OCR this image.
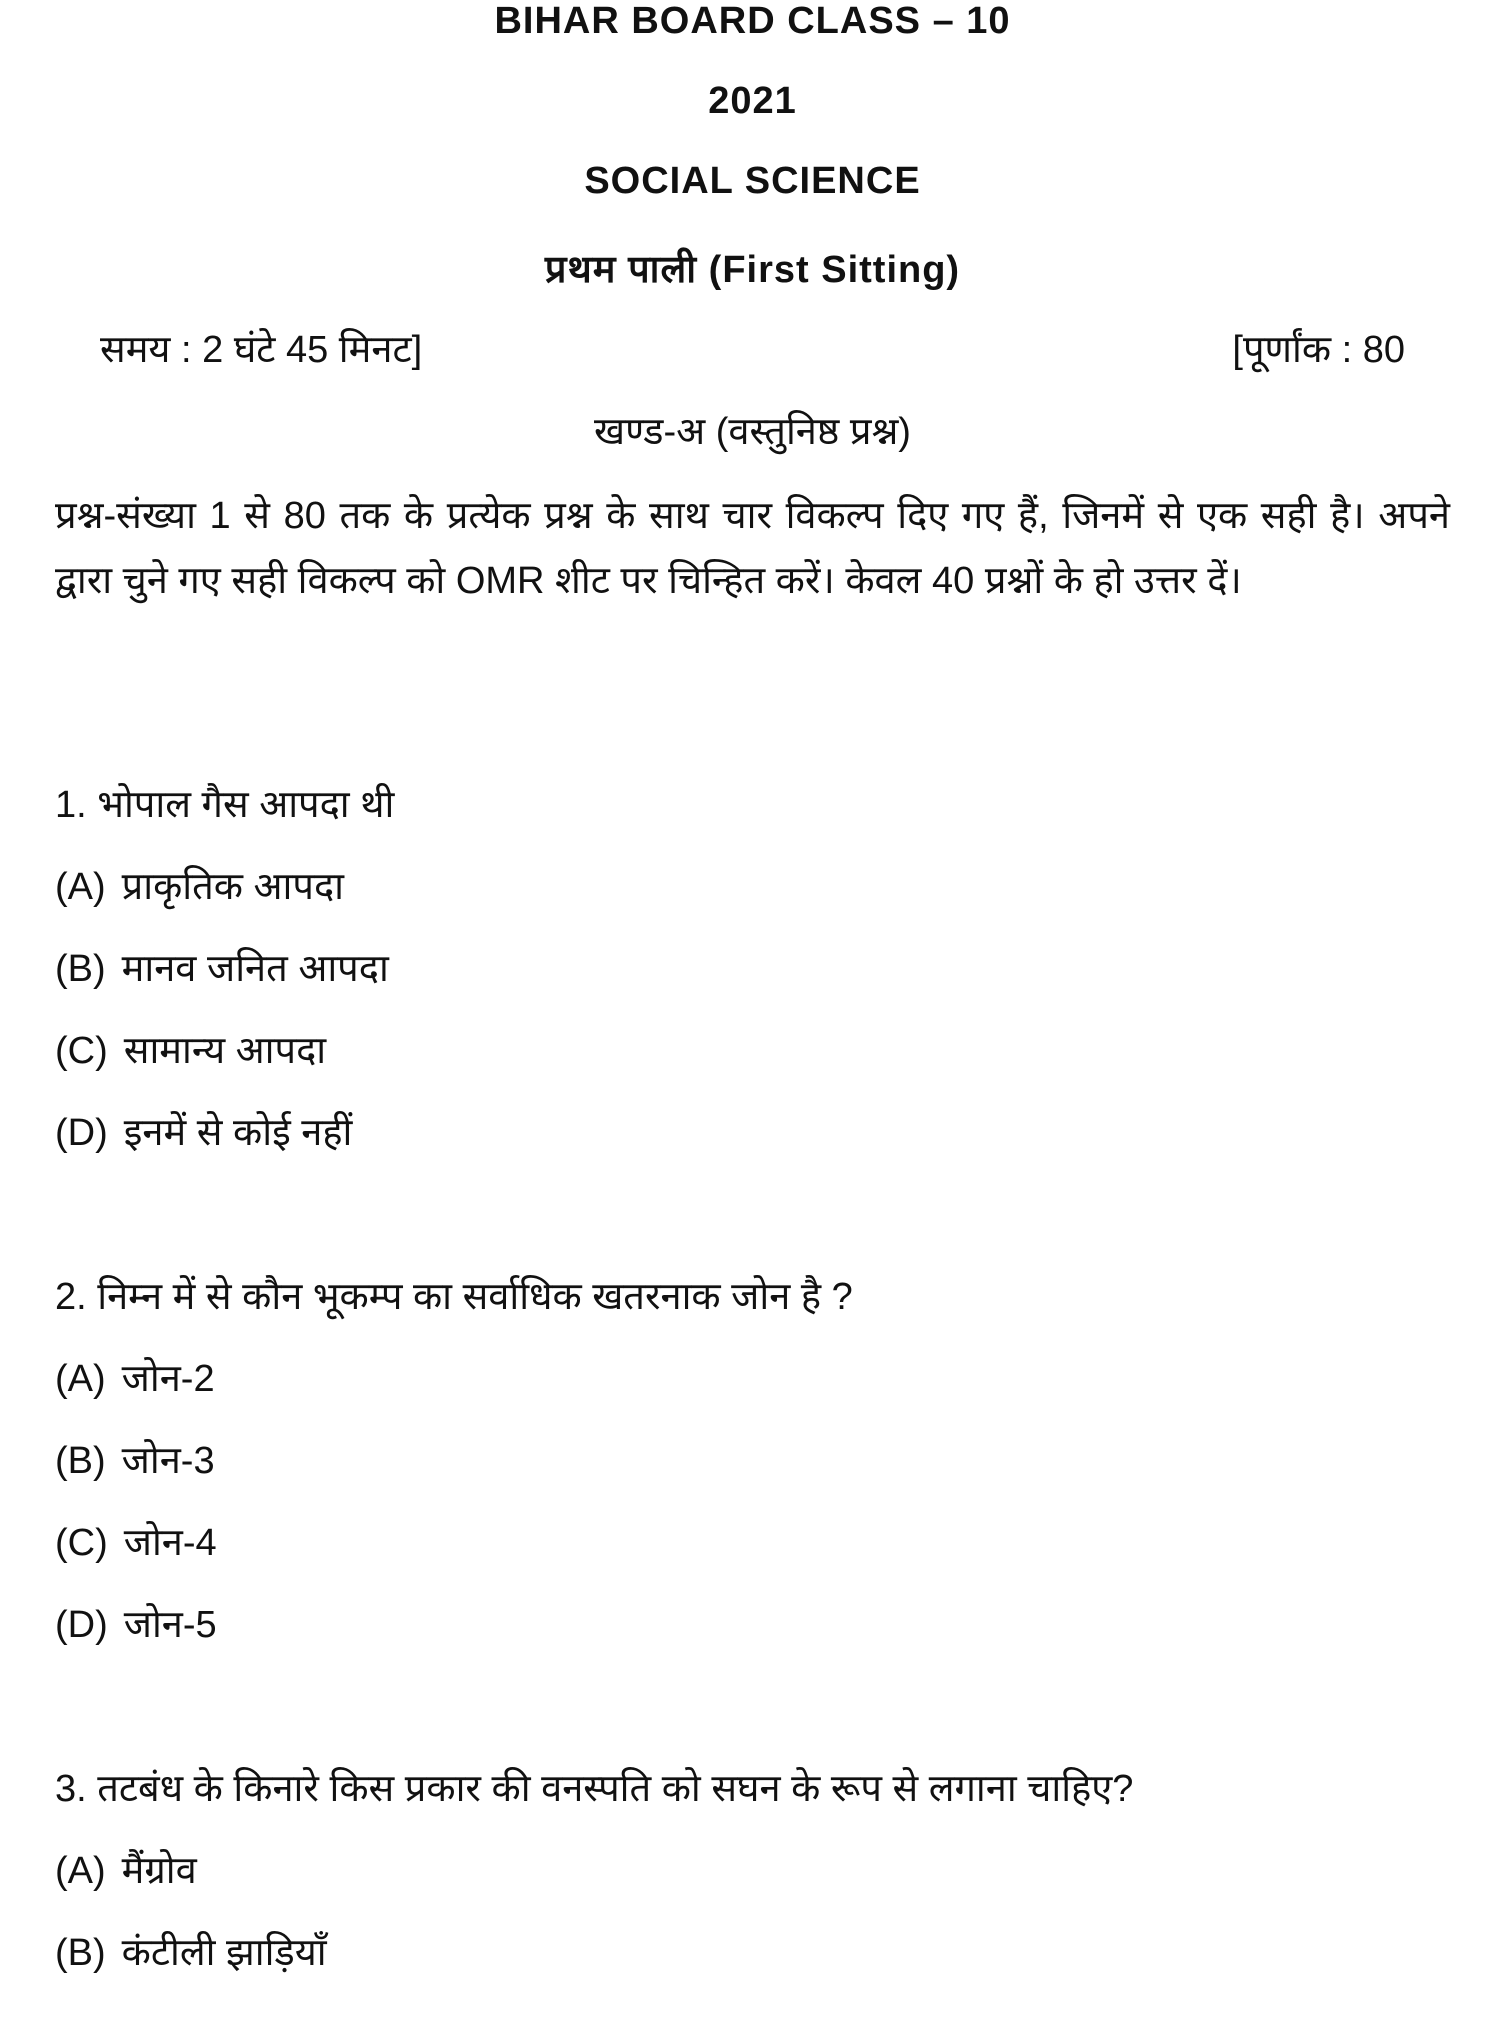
BIHAR BOARD CLASS – 10
2021
SOCIAL SCIENCE
प्रथम पाली (First Sitting)
समय : 2 घंटे 45 मिनट]	[पूर्णांक : 80
खण्ड-अ (वस्तुनिष्ठ प्रश्न)
प्रश्न-संख्या 1 से 80 तक के प्रत्येक प्रश्न के साथ चार विकल्प दिए गए हैं, जिनमें से एक सही है। अपने द्वारा चुने गए सही विकल्प को OMR शीट पर चिन्हित करें। केवल 40 प्रश्नों के हो उत्तर दें।
1. भोपाल गैस आपदा थी
(A) प्राकृतिक आपदा
(B) मानव जनित आपदा
(C) सामान्य आपदा
(D) इनमें से कोई नहीं
2. निम्न में से कौन भूकम्प का सर्वाधिक खतरनाक जोन है ?
(A) जोन-2
(B) जोन-3
(C) जोन-4
(D) जोन-5
3. तटबंध के किनारे किस प्रकार की वनस्पति को सघन के रूप से लगाना चाहिए?
(A) मैंग्रोव
(B) कंटीली झाड़ियाँ
